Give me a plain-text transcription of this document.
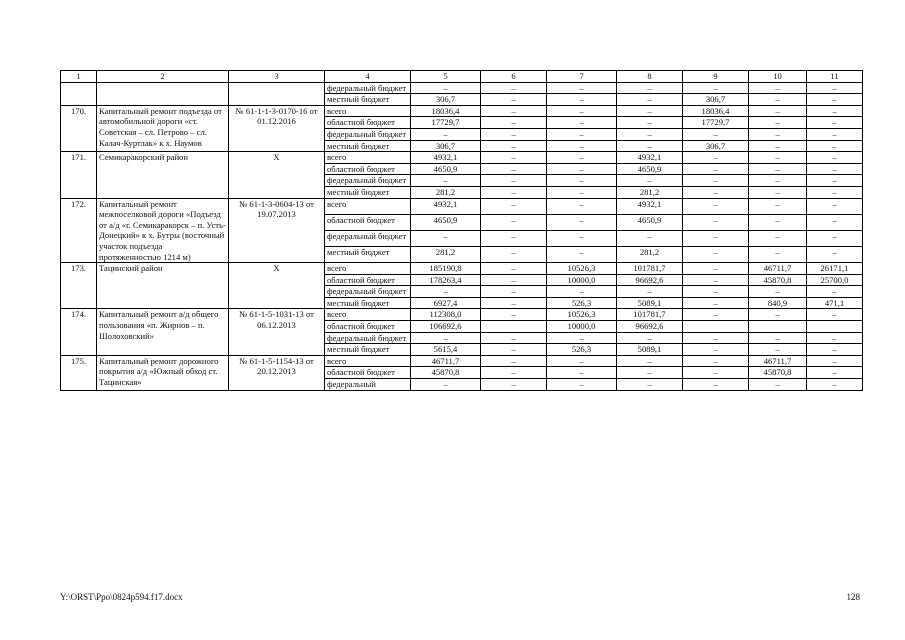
1	2	3	4	5	6	7	8	9	10	11
			федеральный бюджет	–	–	–	–	–	–	–
			местный бюджет	306,7	–	–	–	306,7	–	–
170.	Капитальный ремонт подъезда от автомобильной дороги «ст. Советская – сл. Петрово – сл. Калач-Куртлак» к х. Наумов	№ 61-1-1-3-0170-16 от 01.12.2016	всего	18036,4	–	–	–	18036,4	–	–
			областной бюджет	17729,7	–	–	–	17729,7	–	–
			федеральный бюджет	–	–	–	–	–	–	–
			местный бюджет	306,7	–	–	–	306,7	–	–
171.	Семикаракорский район	Х	всего	4932,1	–	–	4932,1	–	–	–
			областной бюджет	4650,9	–	–	4650,9	–	–	–
			федеральный бюджет	–	–	–	–	–	–	–
			местный бюджет	281,2	–	–	281,2	–	–	–
172.	Капитальный ремонт межпоселковой дороги «Подъезд от а/д «г. Семикаракорск – п. Усть-Донецкий» к х. Бутры (восточный участок подъезда протяженностью 1214 м)	№ 61-1-3-0604-13 от 19.07.2013	всего	4932,1	–	–	4932,1	–	–	–
			областной бюджет	4650,9	–	–	4650,9	–	–	–
			федеральный бюджет	–	–	–	–	–	–	–
			местный бюджет	281,2	–	–	281,2	–	–	–
173.	Тацинский район	Х	всего	185190,8	–	10526,3	101781,7	–	46711,7	26171,1
			областной бюджет	178263,4	–	10000,0	96692,6	–	45870,8	25700,0
			федеральный бюджет	–	–	–	–	–	–	–
			местный бюджет	6927,4	–	526,3	5089,1	–	840,9	471,1
174.	Капитальный ремонт а/д общего пользования «п. Жирнов – п. Шолоховский»	№ 61-1-5-1031-13 от 06.12.2013	всего	112308,0	–	10526,3	101781,7	–	–	–
			областной бюджет	106692,6		10000,0	96692,6			
			федеральный бюджет	–	–	–	–	–	–	–
			местный бюджет	5615,4	–	526,3	5089,1	–	–	–
175.	Капитальный ремонт дорожного покрытия а/д «Южный обход ст. Тацинская»	№ 61-1-5-1154-13 от 20.12.2013	всего	46711,7	–	–	–	–	46711,7	–
			областной бюджет	45870,8	–	–	–	–	45870,8	–
			федеральный	–	–	–	–	–	–	–
Y:\ORST\Ppo\0824p594.f17.docx	128
